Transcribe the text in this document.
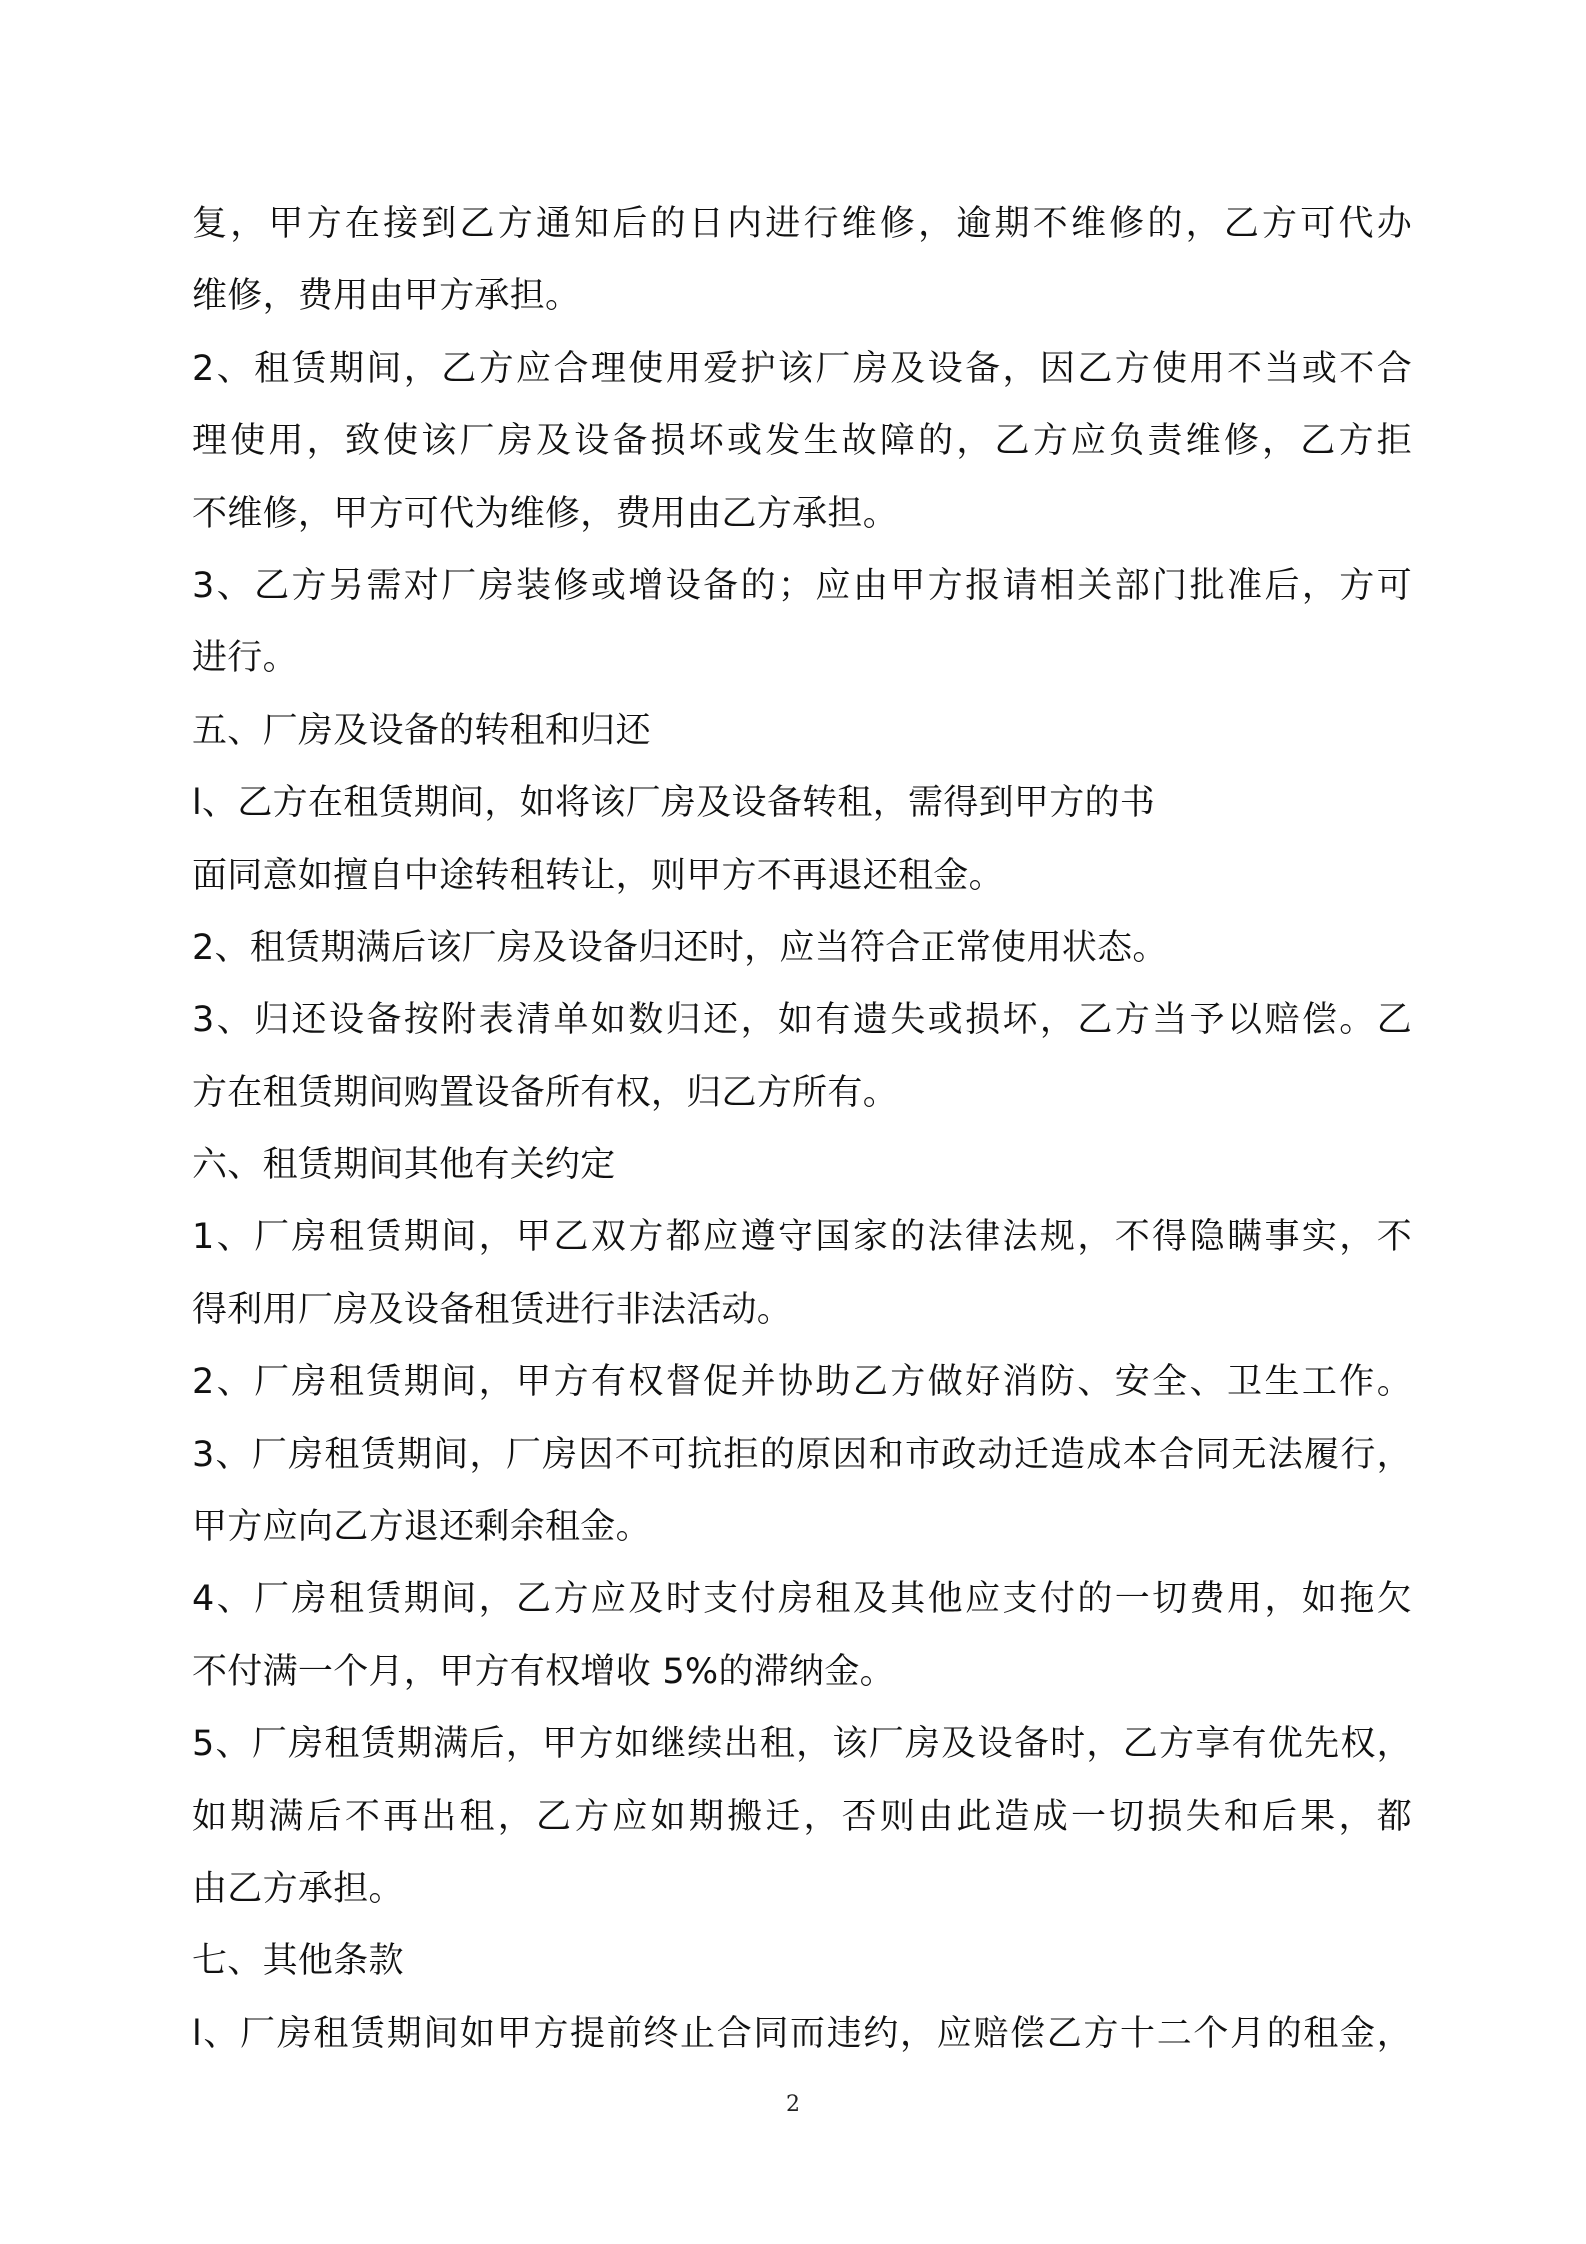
复，甲方在接到乙方通知后的日内进行维修，逾期不维修的，乙方可代办
维修，费用由甲方承担。
2、租赁期间，乙方应合理使用爱护该厂房及设备，因乙方使用不当或不合
理使用，致使该厂房及设备损坏或发生故障的，乙方应负责维修，乙方拒
不维修，甲方可代为维修，费用由乙方承担。
3、乙方另需对厂房装修或增设备的；应由甲方报请相关部门批准后，方可
进行。
五、厂房及设备的转租和归还
l、乙方在租赁期间，如将该厂房及设备转租，需得到甲方的书
面同意如擅自中途转租转让，则甲方不再退还租金。
2、租赁期满后该厂房及设备归还时，应当符合正常使用状态。
3、归还设备按附表清单如数归还，如有遗失或损坏，乙方当予以赔偿。乙
方在租赁期间购置设备所有权，归乙方所有。
六、租赁期间其他有关约定
1、厂房租赁期间，甲乙双方都应遵守国家的法律法规，不得隐瞒事实，不
得利用厂房及设备租赁进行非法活动。
2、厂房租赁期间，甲方有权督促并协助乙方做好消防、安全、卫生工作。
3、厂房租赁期间，厂房因不可抗拒的原因和市政动迁造成本合同无法履行，
甲方应向乙方退还剩余租金。
4、厂房租赁期间，乙方应及时支付房租及其他应支付的一切费用，如拖欠
不付满一个月，甲方有权增收 5%的滞纳金。
5、厂房租赁期满后，甲方如继续出租，该厂房及设备时，乙方享有优先权，
如期满后不再出租，乙方应如期搬迁，否则由此造成一切损失和后果，都
由乙方承担。
七、其他条款
l、厂房租赁期间如甲方提前终止合同而违约，应赔偿乙方十二个月的租金，
2
